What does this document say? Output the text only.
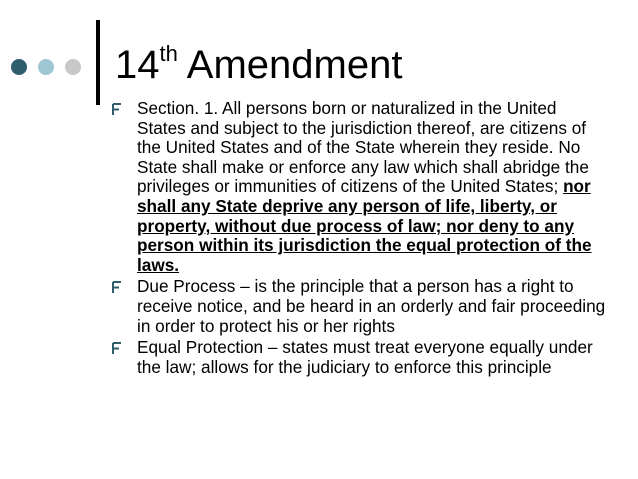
14th Amendment
Section. 1. All persons born or naturalized in the United States and subject to the jurisdiction thereof, are citizens of the United States and of the State wherein they reside. No State shall make or enforce any law which shall abridge the privileges or immunities of citizens of the United States; nor shall any State deprive any person of life, liberty, or property, without due process of law; nor deny to any person within its jurisdiction the equal protection of the laws.
Due Process – is the principle that a person has a right to receive notice, and be heard in an orderly and fair proceeding in order to protect his or her rights
Equal Protection – states must treat everyone equally under the law; allows for the judiciary to enforce this principle
